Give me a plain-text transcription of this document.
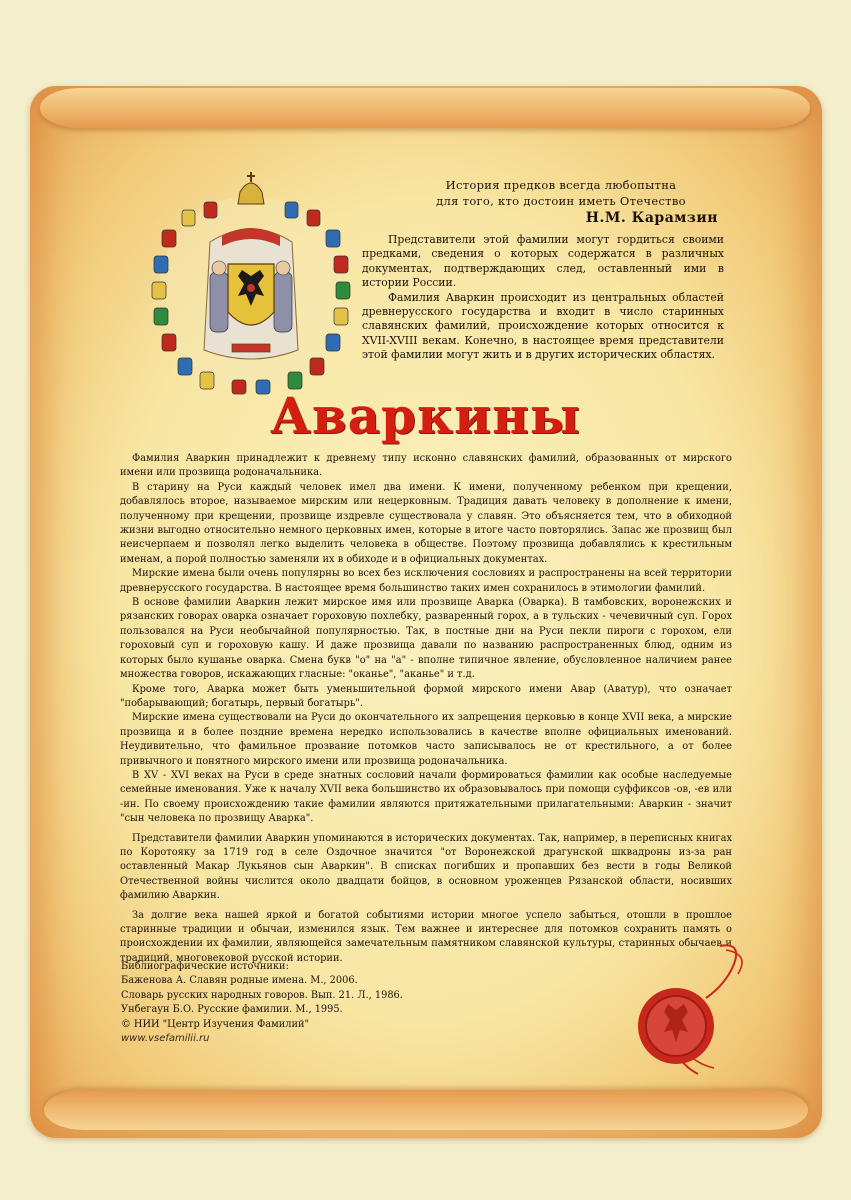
История предков всегда любопытна
для того, кто достоин иметь Отечество
Н.М. Карамзин

Представители этой фамилии могут гордиться своими предками, сведения о которых содержатся в различных документах, подтверждающих след, оставленный ими в истории России.

Фамилия Аваркин происходит из центральных областей древнерусского государства и входит в число старинных славянских фамилий, происхождение которых относится к XVII-XVIII векам. Конечно, в настоящее время представители этой фамилии могут жить и в других исторических областях.

Аваркины

Фамилия Аваркин принадлежит к древнему типу исконно славянских фамилий, образованных от мирского имени или прозвища родоначальника.

В старину на Руси каждый человек имел два имени. К имени, полученному ребенком при крещении, добавлялось второе, называемое мирским или нецерковным. Традиция давать человеку в дополнение к имени, полученному при крещении, прозвище издревле существовала у славян. Это объясняется тем, что в обиходной жизни выгодно относительно немного церковных имен, которые в итоге часто повторялись. Запас же прозвищ был неисчерпаем и позволял легко выделить человека в обществе. Поэтому прозвища добавлялись к крестильным именам, а порой полностью заменяли их в обиходе и в официальных документах.

Мирские имена были очень популярны во всех без исключения сословиях и распространены на всей территории древнерусского государства. В настоящее время большинство таких имен сохранилось в этимологии фамилий.

В основе фамилии Аваркин лежит мирское имя или прозвище Аварка (Оварка). В тамбовских, воронежских и рязанских говорах оварка означает гороховую похлебку, разваренный горох, а в тульских - чечевичный суп. Горох пользовался на Руси необычайной популярностью. Так, в постные дни на Руси пекли пироги с горохом, ели гороховый суп и гороховую кашу. И даже прозвища давали по названию распространенных блюд, одним из которых было кушанье оварка. Смена букв "о" на "а" - вполне типичное явление, обусловленное наличием ранее множества говоров, искажающих гласные: "оканье", "аканье" и т.д.

Кроме того, Аварка может быть уменьшительной формой мирского имени Авар (Аватур), что означает "побарывающий; богатырь, первый богатырь".

Мирские имена существовали на Руси до окончательного их запрещения церковью в конце XVII века, а мирские прозвища и в более поздние времена нередко использовались в качестве вполне официальных именований. Неудивительно, что фамильное прозвание потомков часто записывалось не от крестильного, а от более привычного и понятного мирского имени или прозвища родоначальника.

В XV - XVI веках на Руси в среде знатных сословий начали формироваться фамилии как особые наследуемые семейные именования. Уже к началу XVII века большинство их образовывалось при помощи суффиксов -ов, -ев или -ин. По своему происхождению такие фамилии являются притяжательными прилагательными: Аваркин - значит "сын человека по прозвищу Аварка".

Представители фамилии Аваркин упоминаются в исторических документах. Так, например, в переписных книгах по Коротояку за 1719 год в селе Оздочное значится "от Воронежской драгунской шквадроны из-за ран оставленный Макар Лукьянов сын Аваркин". В списках погибших и пропавших без вести в годы Великой Отечественной войны числится около двадцати бойцов, в основном уроженцев Рязанской области, носивших фамилию Аваркин.

За долгие века нашей яркой и богатой событиями истории многое успело забыться, отошли в прошлое старинные традиции и обычаи, изменился язык. Тем важнее и интереснее для потомков сохранить память о происхождении их фамилии, являющейся замечательным памятником славянской культуры, старинных обычаев и традиций, многовековой русской истории.

Библиографические источники:
Баженова А. Славян родные имена. М., 2006.
Словарь русских народных говоров. Вып. 21. Л., 1986.
Унбегаун Б.О. Русские фамилии. М., 1995.
© НИИ "Центр Изучения Фамилий"
www.vsefamilii.ru
